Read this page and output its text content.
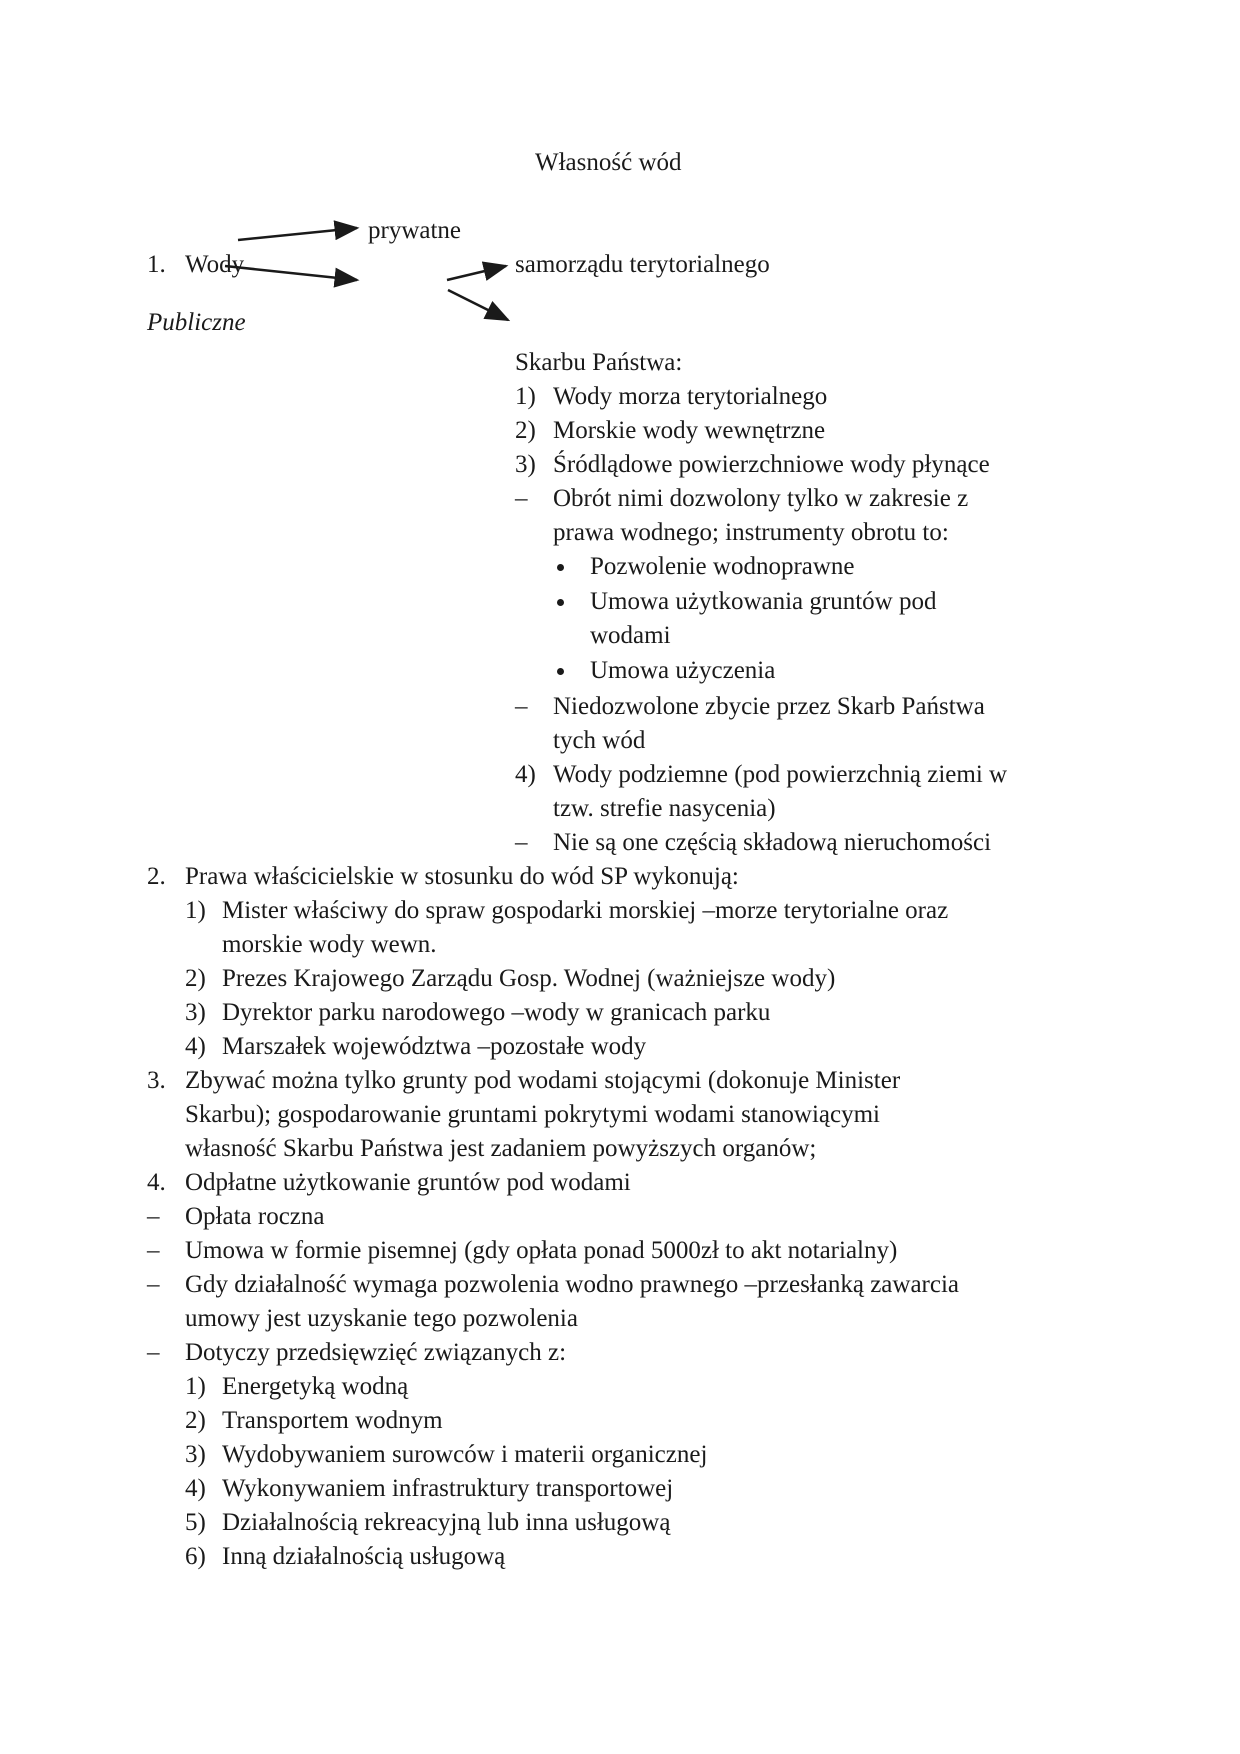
Własność wód
prywatne
1. Wody	samorządu terytorialnego
Publiczne
Skarbu Państwa:
1) Wody morza terytorialnego
2) Morskie wody wewnętrzne
3) Śródlądowe powierzchniowe wody płynące
– Obrót nimi dozwolony tylko w zakresie z
prawa wodnego; instrumenty obrotu to:
Pozwolenie wodnoprawne
Umowa użytkowania gruntów pod
wodami
Umowa użyczenia
– Niedozwolone zbycie przez Skarb Państwa
tych wód
4) Wody podziemne (pod powierzchnią ziemi w
tzw. strefie nasycenia)
– Nie są one częścią składową nieruchomości
2. Prawa właścicielskie w stosunku do wód SP wykonują:
1) Mister właściwy do spraw gospodarki morskiej –morze terytorialne oraz
morskie wody wewn.
2) Prezes Krajowego Zarządu Gosp. Wodnej (ważniejsze wody)
3) Dyrektor parku narodowego –wody w granicach parku
4) Marszałek województwa –pozostałe wody
3. Zbywać można tylko grunty pod wodami stojącymi (dokonuje Minister
Skarbu); gospodarowanie gruntami pokrytymi wodami stanowiącymi
własność Skarbu Państwa jest zadaniem powyższych organów;
4. Odpłatne użytkowanie gruntów pod wodami
– Opłata roczna
– Umowa w formie pisemnej (gdy opłata ponad 5000zł to akt notarialny)
– Gdy działalność wymaga pozwolenia wodno prawnego –przesłanką zawarcia
umowy jest uzyskanie tego pozwolenia
– Dotyczy przedsięwzięć związanych z:
1) Energetyką wodną
2) Transportem wodnym
3) Wydobywaniem surowców i materii organicznej
4) Wykonywaniem infrastruktury transportowej
5) Działalnością rekreacyjną lub inna usługową
6) Inną działalnością usługową
